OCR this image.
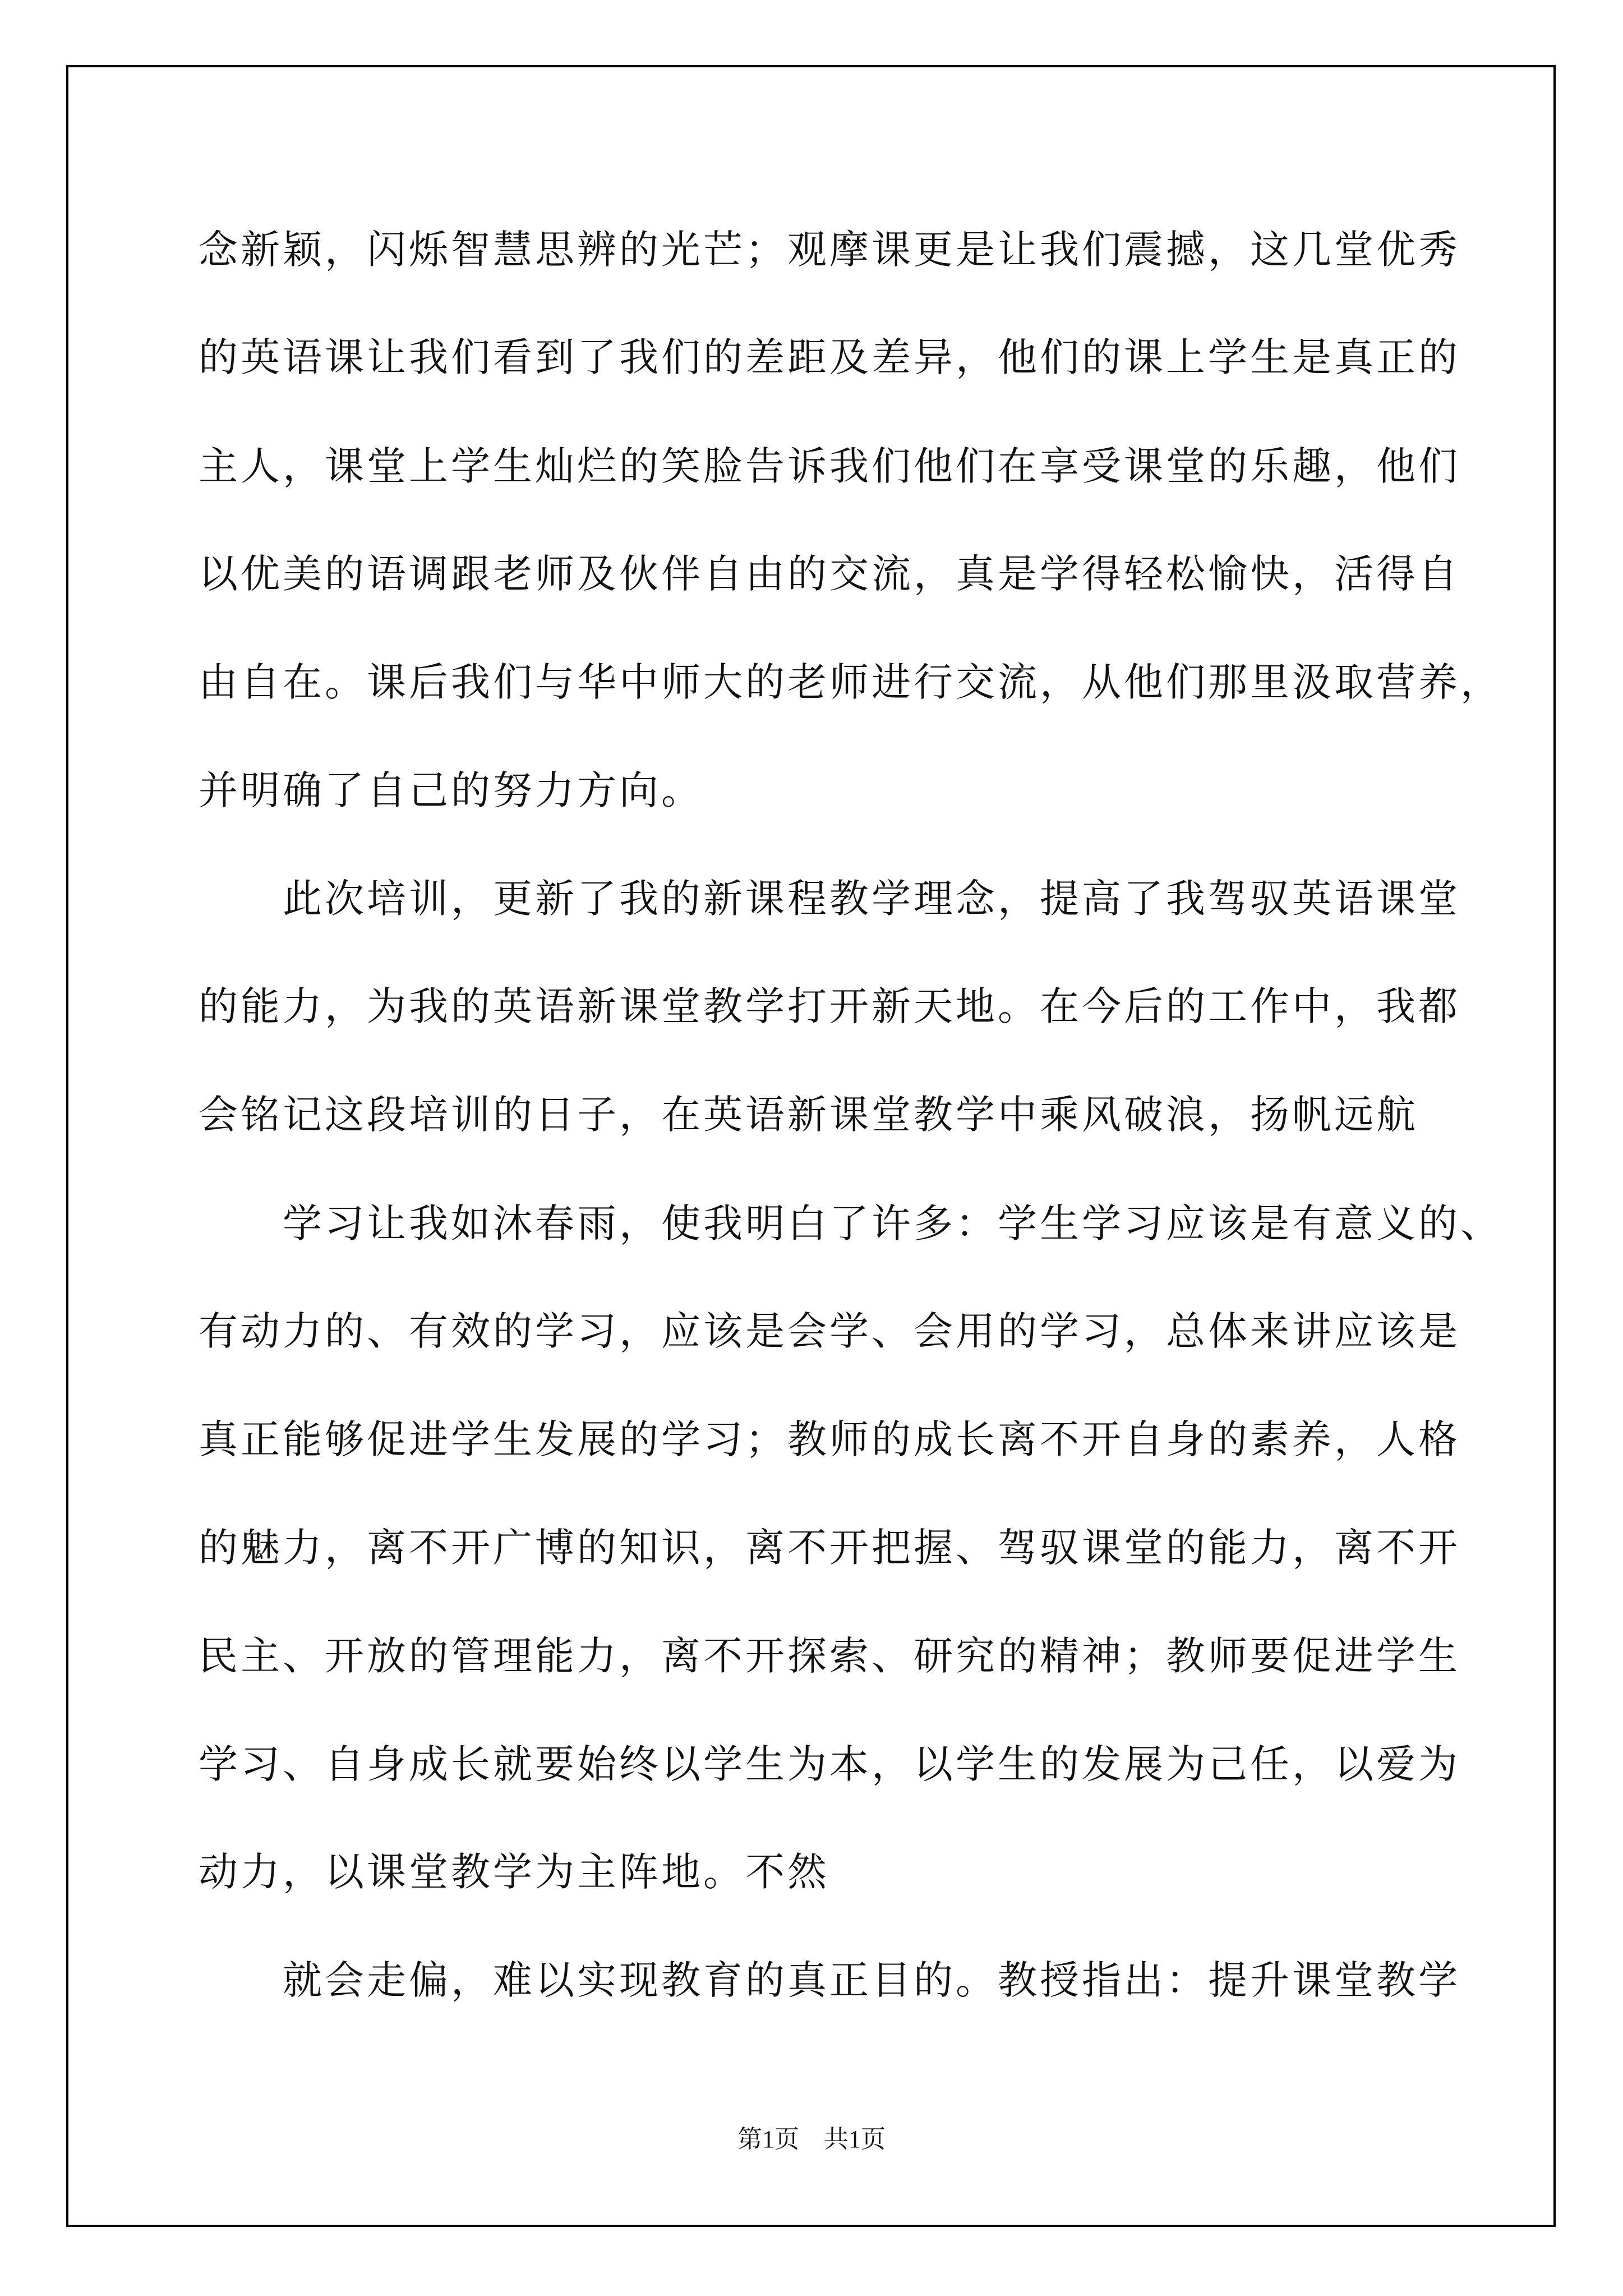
念新颖，闪烁智慧思辨的光芒；观摩课更是让我们震撼，这几堂优秀
的英语课让我们看到了我们的差距及差异，他们的课上学生是真正的
主人，课堂上学生灿烂的笑脸告诉我们他们在享受课堂的乐趣，他们
以优美的语调跟老师及伙伴自由的交流，真是学得轻松愉快，活得自
由自在。课后我们与华中师大的老师进行交流，从他们那里汲取营养，
并明确了自己的努力方向。
　　此次培训，更新了我的新课程教学理念，提高了我驾驭英语课堂
的能力，为我的英语新课堂教学打开新天地。在今后的工作中，我都
会铭记这段培训的日子，在英语新课堂教学中乘风破浪，扬帆远航
　　学习让我如沐春雨，使我明白了许多：学生学习应该是有意义的、
有动力的、有效的学习，应该是会学、会用的学习，总体来讲应该是
真正能够促进学生发展的学习；教师的成长离不开自身的素养，人格
的魅力，离不开广博的知识，离不开把握、驾驭课堂的能力，离不开
民主、开放的管理能力，离不开探索、研究的精神；教师要促进学生
学习、自身成长就要始终以学生为本，以学生的发展为己任，以爱为
动力，以课堂教学为主阵地。不然
　　就会走偏，难以实现教育的真正目的。教授指出：提升课堂教学
第1页　共1页
